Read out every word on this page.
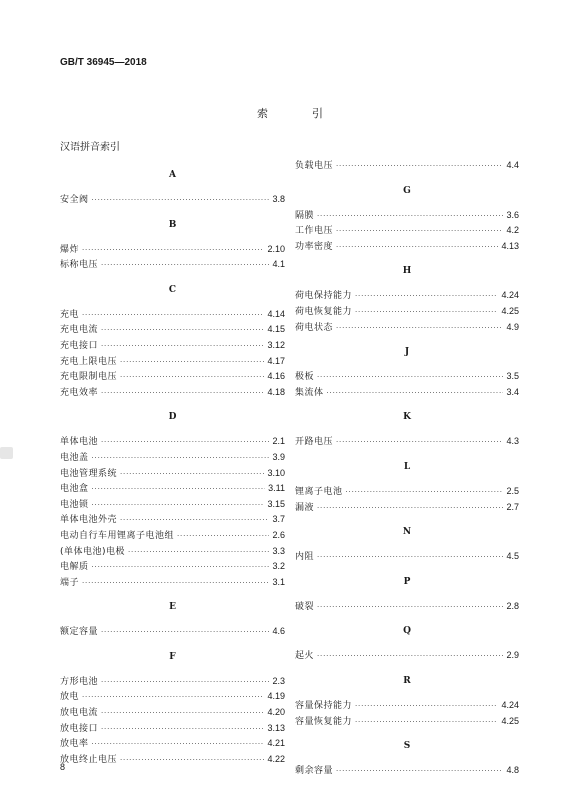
GB/T 36945—2018
索	引
汉语拼音索引
A
安全阀 ·····	3.8
B
爆炸 ·····	2.10
标称电压 ·····	4.1
C
充电 ·····	4.14
充电电流 ·····	4.15
充电接口 ·····	3.12
充电上限电压 ·····	4.17
充电限制电压 ·····	4.16
充电效率 ·····	4.18
D
单体电池 ·····	2.1
电池盖 ·····	3.9
电池管理系统 ·····	3.10
电池盒 ·····	3.11
电池锁 ·····	3.15
单体电池外壳 ·····	3.7
电动自行车用锂离子电池组 ·····	2.6
(单体电池)电极 ·····	3.3
电解质 ·····	3.2
端子 ·····	3.1
E
额定容量 ·····	4.6
F
方形电池 ·····	2.3
放电 ·····	4.19
放电电流 ·····	4.20
放电接口 ·····	3.13
放电率 ·····	4.21
放电终止电压 ·····	4.22
负载电压 ·····	4.4
G
隔膜 ·····	3.6
工作电压 ·····	4.2
功率密度 ·····	4.13
H
荷电保持能力 ·····	4.24
荷电恢复能力 ·····	4.25
荷电状态 ·····	4.9
J
极板 ·····	3.5
集流体 ·····	3.4
K
开路电压 ·····	4.3
L
锂离子电池 ·····	2.5
漏液 ·····	2.7
N
内阻 ·····	4.5
P
破裂 ·····	2.8
Q
起火 ·····	2.9
R
容量保持能力 ·····	4.24
容量恢复能力 ·····	4.25
S
剩余容量 ·····	4.8
8
